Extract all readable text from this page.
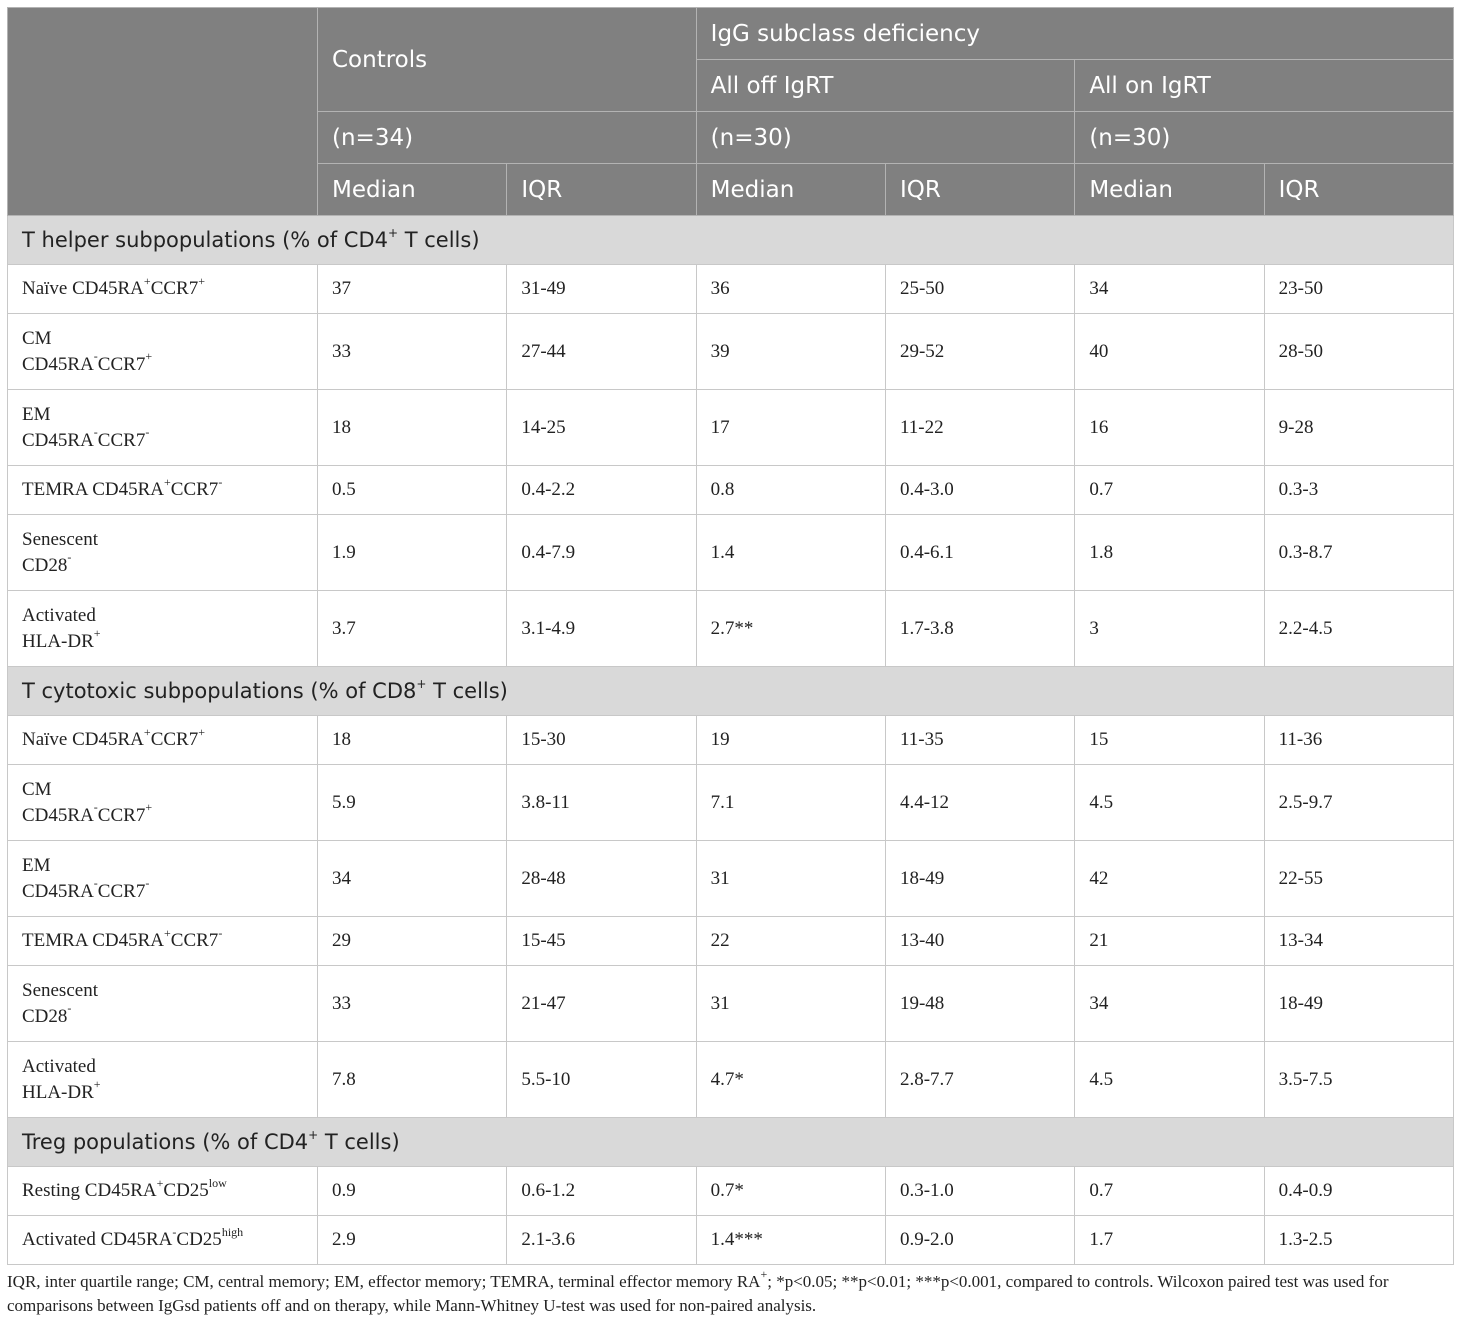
	Controls		IgG subclass deficiency			
			All off IgRT		All on IgRT	
	(n=34)		(n=30)		(n=30)	
	Median	IQR	Median	IQR	Median	IQR
T helper subpopulations (% of CD4+ T cells)						
Naïve CD45RA+CCR7+	37	31-49	36	25-50	34	23-50
CM
CD45RA-CCR7+	33	27-44	39	29-52	40	28-50
EM
CD45RA-CCR7-	18	14-25	17	11-22	16	9-28
TEMRA CD45RA+CCR7-	0.5	0.4-2.2	0.8	0.4-3.0	0.7	0.3-3
Senescent
CD28-	1.9	0.4-7.9	1.4	0.4-6.1	1.8	0.3-8.7
Activated
HLA-DR+	3.7	3.1-4.9	2.7**	1.7-3.8	3	2.2-4.5
T cytotoxic subpopulations (% of CD8+ T cells)						
Naïve CD45RA+CCR7+	18	15-30	19	11-35	15	11-36
CM
CD45RA-CCR7+	5.9	3.8-11	7.1	4.4-12	4.5	2.5-9.7
EM
CD45RA-CCR7-	34	28-48	31	18-49	42	22-55
TEMRA CD45RA+CCR7-	29	15-45	22	13-40	21	13-34
Senescent
CD28-	33	21-47	31	19-48	34	18-49
Activated
HLA-DR+	7.8	5.5-10	4.7*	2.8-7.7	4.5	3.5-7.5
Treg populations (% of CD4+ T cells)						
Resting $CD45RA^+CD25^{low}$	0.9	0.6-1.2	0.7*	0.3-1.0	0.7	0.4-0.9
Activated $CD45RA^-CD25^{high}$	2.9	2.1-3.6	1.4***	0.9-2.0	1.7	1.3-2.5
IQR, inter quartile range; CM, central memory; EM, effector memory; TEMRA, terminal effector memory RA+; *p<0.05; **p<0.01; ***p<0.001, compared to controls. Wilcoxon paired test was used for comparisons between IgGsd patients off and on therapy, while Mann-Whitney U-test was used for non-paired analysis.
